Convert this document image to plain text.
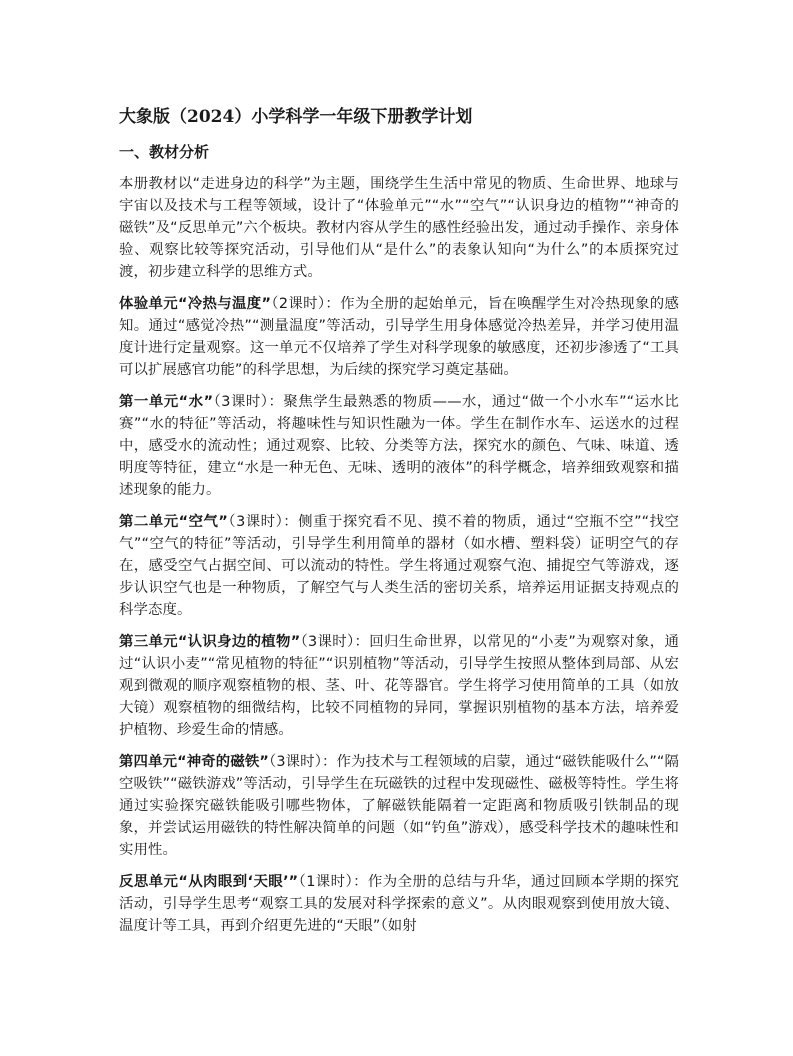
大象版（2024）小学科学一年级下册教学计划
一、教材分析

本册教材以“走进身边的科学”为主题，围绕学生生活中常见的物质、生命世界、地球与宇宙以及技术与工程等领域，设计了“体验单元”“水”“空气”“认识身边的植物”“神奇的磁铁”及“反思单元”六个板块。教材内容从学生的感性经验出发，通过动手操作、亲身体验、观察比较等探究活动，引导他们从“是什么”的表象认知向“为什么”的本质探究过渡，初步建立科学的思维方式。

体验单元“冷热与温度”（2课时）：作为全册的起始单元，旨在唤醒学生对冷热现象的感知。通过“感觉冷热”“测量温度”等活动，引导学生用身体感觉冷热差异，并学习使用温度计进行定量观察。这一单元不仅培养了学生对科学现象的敏感度，还初步渗透了“工具可以扩展感官功能”的科学思想，为后续的探究学习奠定基础。

第一单元“水”（3课时）：聚焦学生最熟悉的物质——水，通过“做一个小水车”“运水比赛”“水的特征”等活动，将趣味性与知识性融为一体。学生在制作水车、运送水的过程中，感受水的流动性；通过观察、比较、分类等方法，探究水的颜色、气味、味道、透明度等特征，建立“水是一种无色、无味、透明的液体”的科学概念，培养细致观察和描述现象的能力。

第二单元“空气”（3课时）：侧重于探究看不见、摸不着的物质，通过“空瓶不空”“找空气”“空气的特征”等活动，引导学生利用简单的器材（如水槽、塑料袋）证明空气的存在，感受空气占据空间、可以流动的特性。学生将通过观察气泡、捕捉空气等游戏，逐步认识空气也是一种物质，了解空气与人类生活的密切关系，培养运用证据支持观点的科学态度。

第三单元“认识身边的植物”（3课时）：回归生命世界，以常见的“小麦”为观察对象，通过“认识小麦”“常见植物的特征”“识别植物”等活动，引导学生按照从整体到局部、从宏观到微观的顺序观察植物的根、茎、叶、花等器官。学生将学习使用简单的工具（如放大镜）观察植物的细微结构，比较不同植物的异同，掌握识别植物的基本方法，培养爱护植物、珍爱生命的情感。

第四单元“神奇的磁铁”（3课时）：作为技术与工程领域的启蒙，通过“磁铁能吸什么”“隔空吸铁”“磁铁游戏”等活动，引导学生在玩磁铁的过程中发现磁性、磁极等特性。学生将通过实验探究磁铁能吸引哪些物体，了解磁铁能隔着一定距离和物质吸引铁制品的现象，并尝试运用磁铁的特性解决简单的问题（如“钓鱼”游戏），感受科学技术的趣味性和实用性。

反思单元“从肉眼到‘天眼’”（1课时）：作为全册的总结与升华，通过回顾本学期的探究活动，引导学生思考“观察工具的发展对科学探索的意义”。从肉眼观察到使用放大镜、温度计等工具，再到介绍更先进的“天眼”（如射
